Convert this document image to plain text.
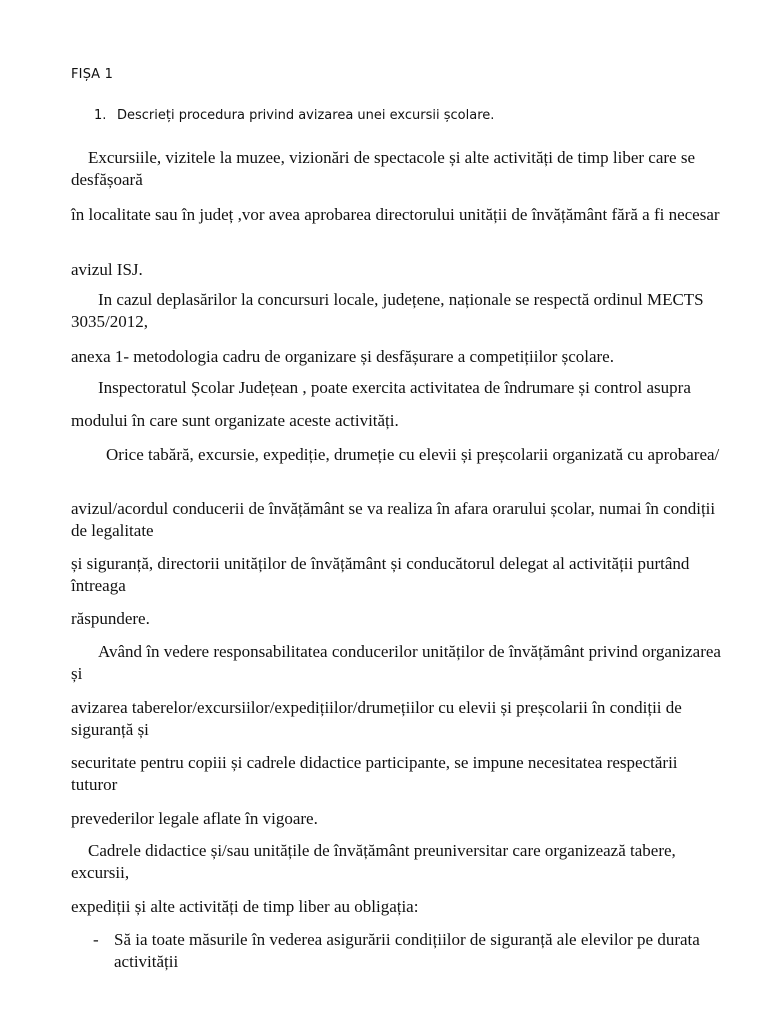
FIȘA 1
1. Descrieți procedura privind avizarea unei excursii școlare.
Excursiile, vizitele la muzee, vizionări de spectacole și alte activități de timp liber care se desfășoară
în localitate sau în județ ,vor avea aprobarea directorului unității de învățământ fără a fi necesar
avizul ISJ.
In cazul deplasărilor la concursuri locale, județene, naționale se respectă ordinul MECTS 3035/2012,
anexa 1- metodologia cadru de organizare și desfășurare a competițiilor școlare.
Inspectoratul Școlar Județean , poate exercita activitatea de îndrumare și control asupra
modului în care sunt organizate aceste activități.
Orice tabără, excursie, expediție, drumeție cu elevii și preșcolarii organizată cu aprobarea/
avizul/acordul conducerii de învățământ se va realiza în afara orarului școlar, numai în condiții de legalitate
și siguranță, directorii unităților de învățământ și conducătorul delegat al activității purtând întreaga
răspundere.
Având în vedere responsabilitatea conducerilor unităților de învățământ privind organizarea și
avizarea taberelor/excursiilor/expedițiilor/drumețiilor cu elevii și preșcolarii în condiții de siguranță și
securitate pentru copiii și cadrele didactice participante, se impune necesitatea respectării tuturor
prevederilor legale aflate în vigoare.
Cadrele didactice și/sau unitățile de învățământ preuniversitar care organizează tabere, excursii,
expediții și alte activități de timp liber au obligația:
- Să ia toate măsurile în vederea asigurării condițiilor de siguranță ale elevilor pe durata activității
